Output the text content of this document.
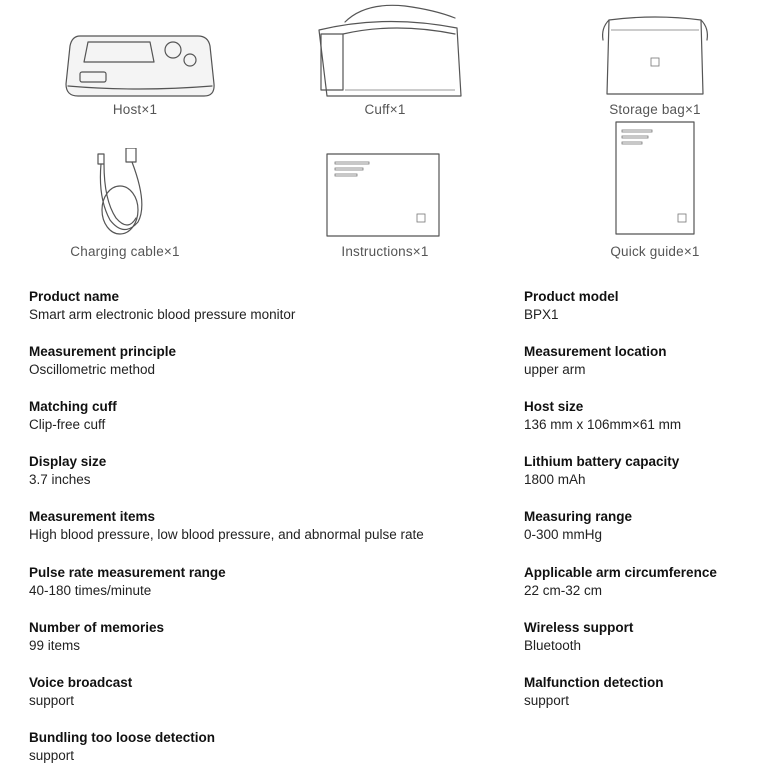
Host×1	Cuff×1	Storage bag×1
Charging cable×1	Instructions×1	Quick guide×1
Product name
Smart arm electronic blood pressure monitor
Measurement principle
Oscillometric method
Matching cuff
Clip-free cuff
Display size
3.7 inches
Measurement items
High blood pressure, low blood pressure, and abnormal pulse rate
Pulse rate measurement range
40-180 times/minute
Number of memories
99 items
Voice broadcast
support
Bundling too loose detection
support
Product model
BPX1
Measurement location
upper arm
Host size
136 mm x 106mm×61 mm
Lithium battery capacity
1800 mAh
Measuring range
0-300 mmHg
Applicable arm circumference
22 cm-32 cm
Wireless support
Bluetooth
Malfunction detection
support
